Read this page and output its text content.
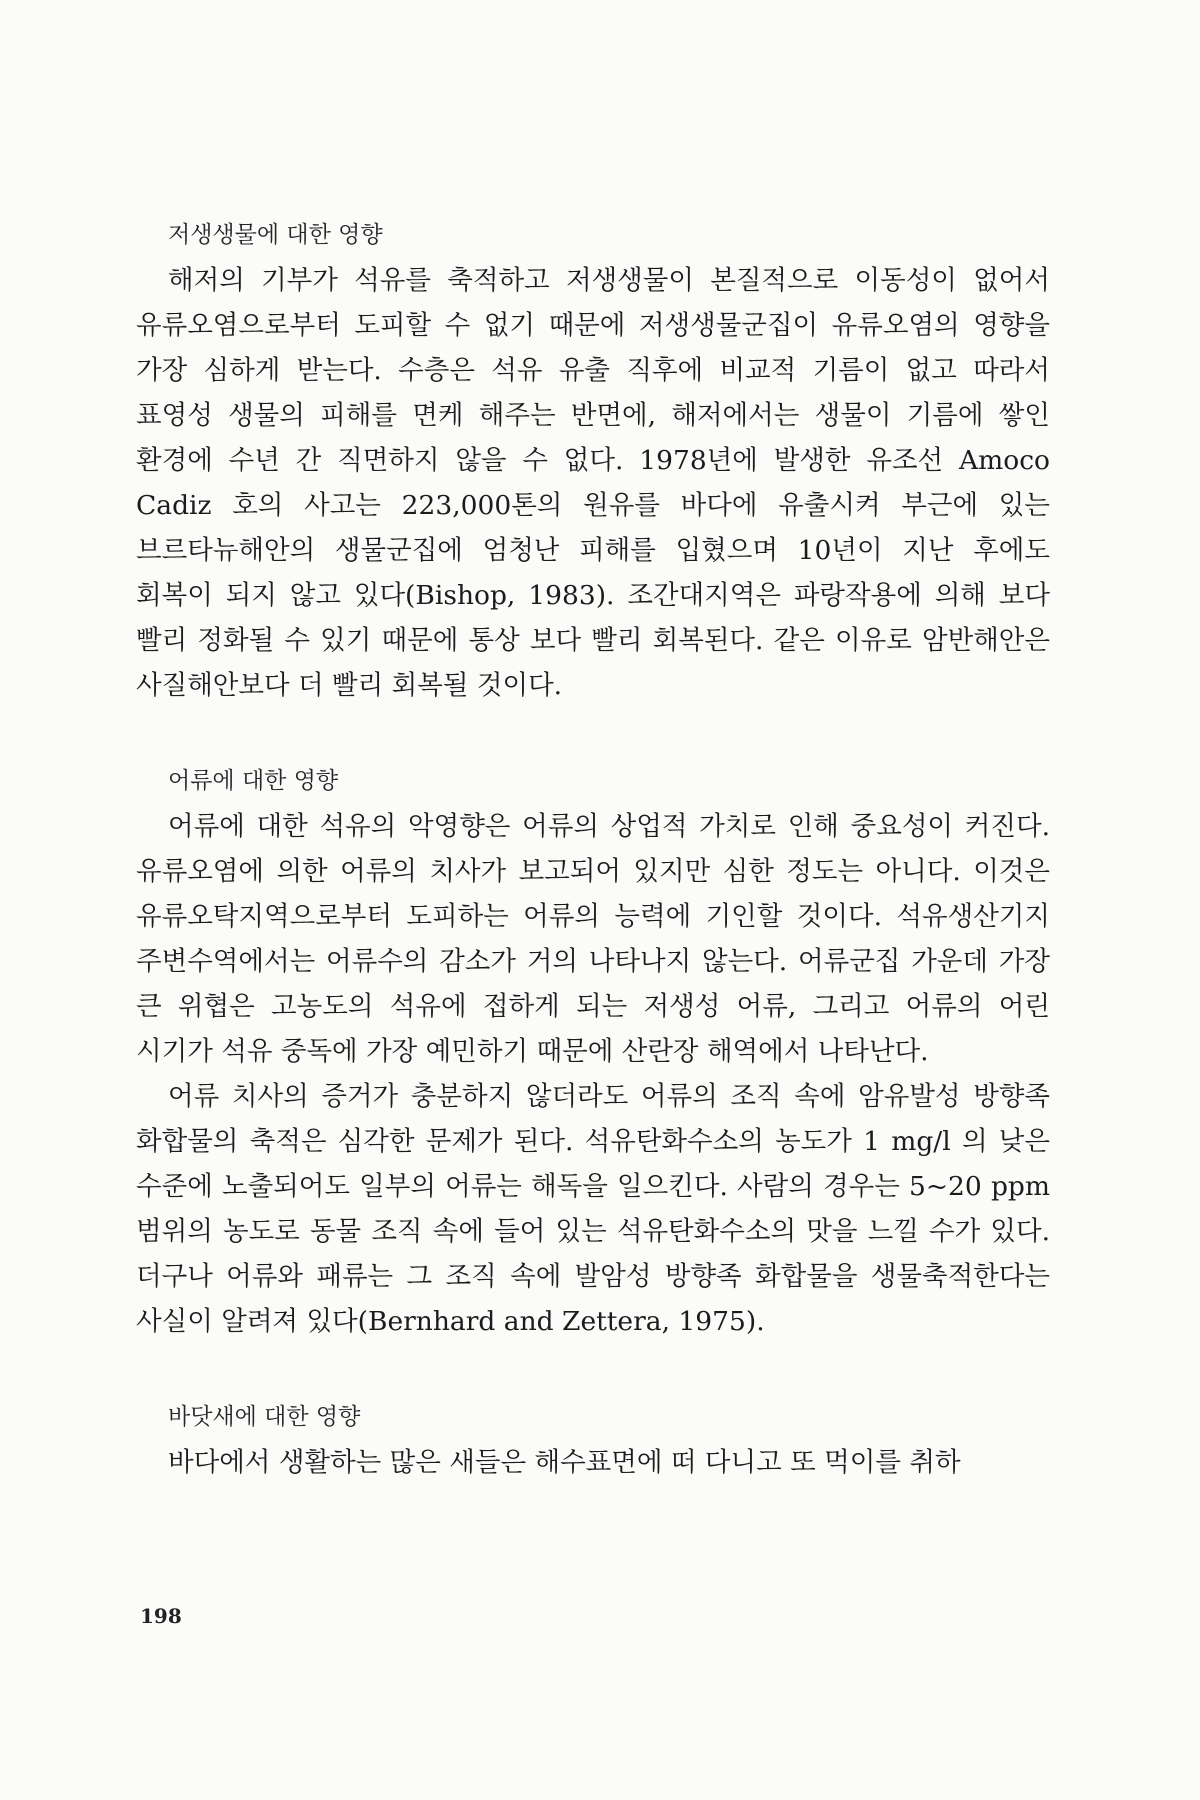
저생생물에 대한 영향

해저의 기부가 석유를 축적하고 저생생물이 본질적으로 이동성이 없어서 유류오염으로부터 도피할 수 없기 때문에 저생생물군집이 유류오염의 영향을 가장 심하게 받는다. 수층은 석유 유출 직후에 비교적 기름이 없고 따라서 표영성 생물의 피해를 면케 해주는 반면에, 해저에서는 생물이 기름에 쌓인 환경에 수년 간 직면하지 않을 수 없다. 1978년에 발생한 유조선 Amoco Cadiz 호의 사고는 223,000톤의 원유를 바다에 유출시켜 부근에 있는 브르타뉴해안의 생물군집에 엄청난 피해를 입혔으며 10년이 지난 후에도 회복이 되지 않고 있다(Bishop, 1983). 조간대지역은 파랑작용에 의해 보다 빨리 정화될 수 있기 때문에 통상 보다 빨리 회복된다. 같은 이유로 암반해안은 사질해안보다 더 빨리 회복될 것이다.

어류에 대한 영향

어류에 대한 석유의 악영향은 어류의 상업적 가치로 인해 중요성이 커진다. 유류오염에 의한 어류의 치사가 보고되어 있지만 심한 정도는 아니다. 이것은 유류오탁지역으로부터 도피하는 어류의 능력에 기인할 것이다. 석유생산기지 주변수역에서는 어류수의 감소가 거의 나타나지 않는다. 어류군집 가운데 가장 큰 위협은 고농도의 석유에 접하게 되는 저생성 어류, 그리고 어류의 어린 시기가 석유 중독에 가장 예민하기 때문에 산란장 해역에서 나타난다.

어류 치사의 증거가 충분하지 않더라도 어류의 조직 속에 암유발성 방향족 화합물의 축적은 심각한 문제가 된다. 석유탄화수소의 농도가 1 mg/l 의 낮은 수준에 노출되어도 일부의 어류는 해독을 일으킨다. 사람의 경우는 5~20 ppm 범위의 농도로 동물 조직 속에 들어 있는 석유탄화수소의 맛을 느낄 수가 있다. 더구나 어류와 패류는 그 조직 속에 발암성 방향족 화합물을 생물축적한다는 사실이 알려져 있다(Bernhard and Zettera, 1975).

바닷새에 대한 영향

바다에서 생활하는 많은 새들은 해수표면에 떠 다니고 또 먹이를 취하

198
